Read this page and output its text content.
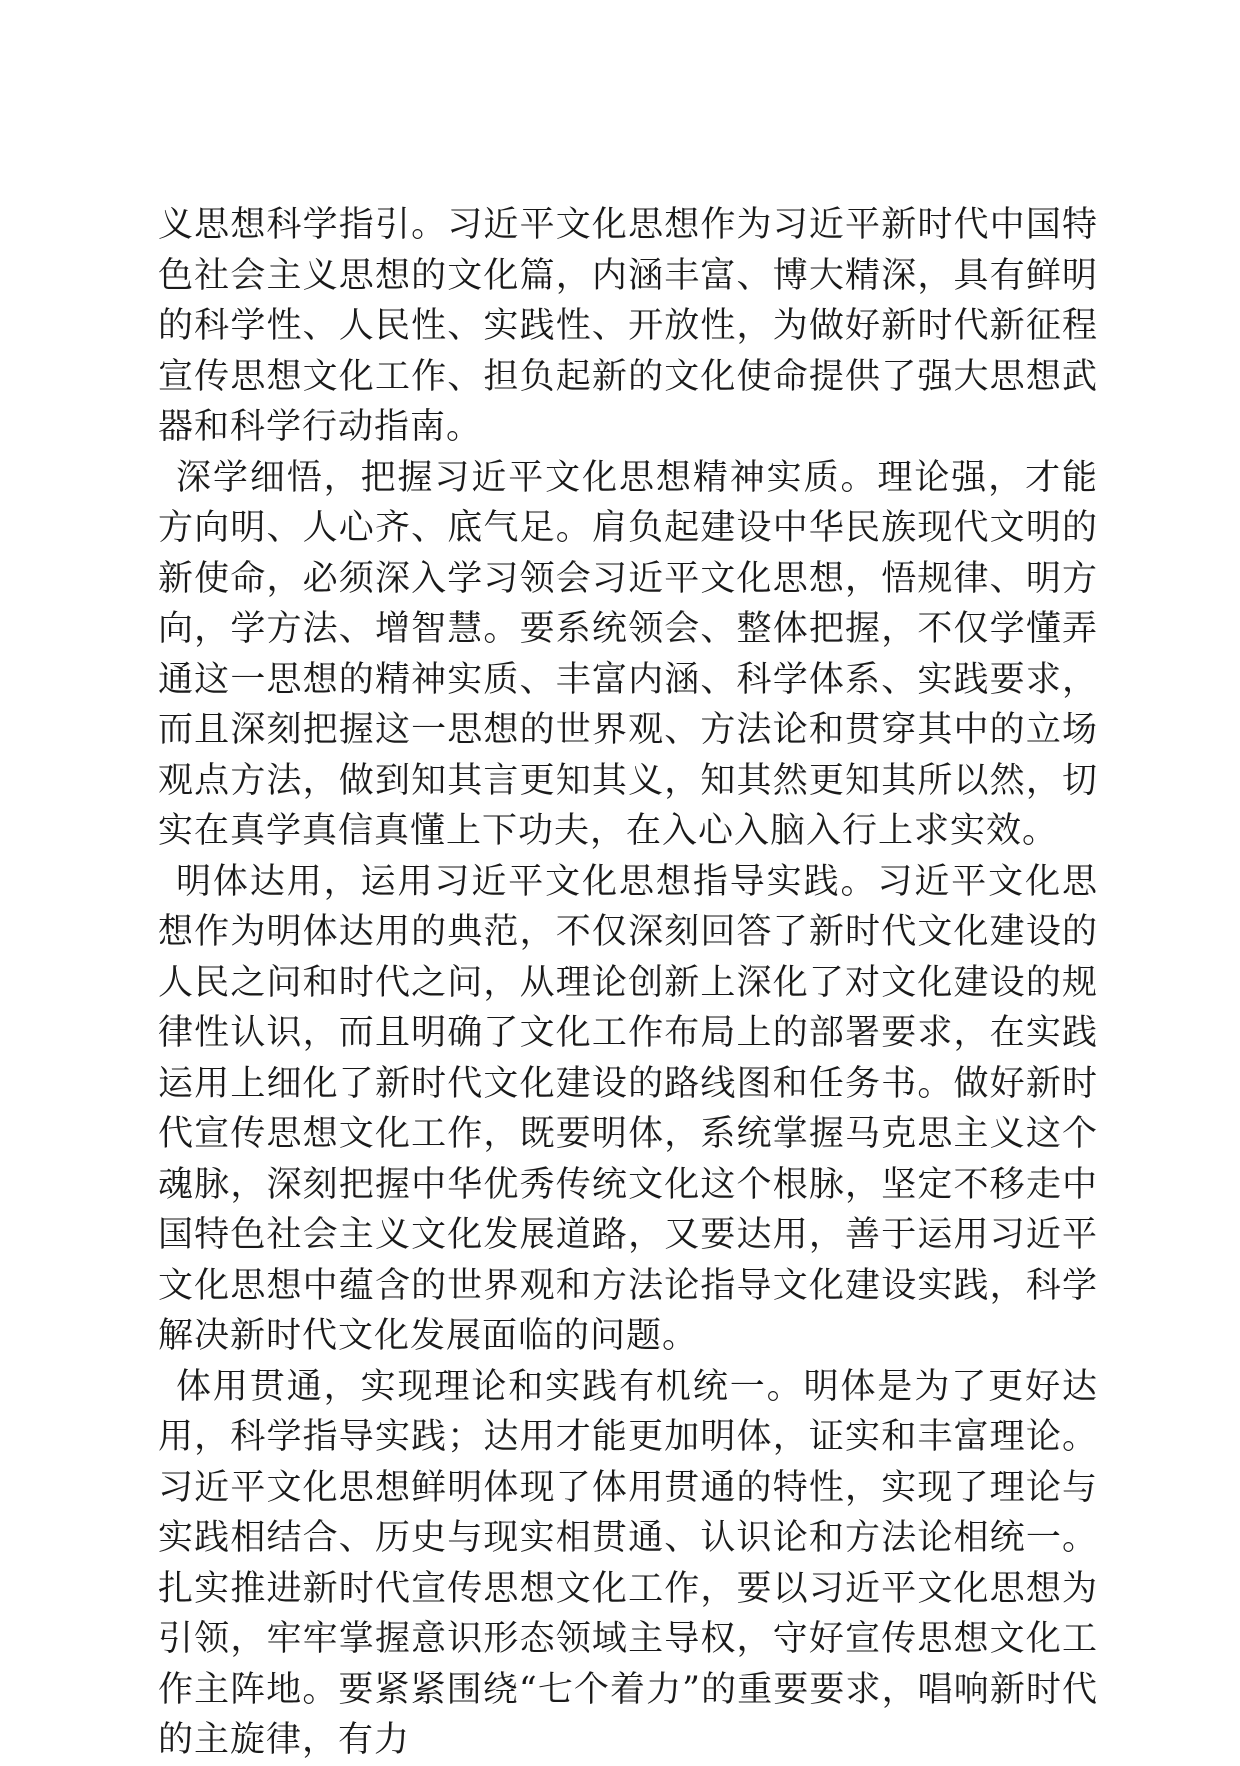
义思想科学指引。习近平文化思想作为习近平新时代中国特色社会主义思想的文化篇，内涵丰富、博大精深，具有鲜明的科学性、人民性、实践性、开放性，为做好新时代新征程宣传思想文化工作、担负起新的文化使命提供了强大思想武器和科学行动指南。

深学细悟，把握习近平文化思想精神实质。理论强，才能方向明、人心齐、底气足。肩负起建设中华民族现代文明的新使命，必须深入学习领会习近平文化思想，悟规律、明方向，学方法、增智慧。要系统领会、整体把握，不仅学懂弄通这一思想的精神实质、丰富内涵、科学体系、实践要求，而且深刻把握这一思想的世界观、方法论和贯穿其中的立场观点方法，做到知其言更知其义，知其然更知其所以然，切实在真学真信真懂上下功夫，在入心入脑入行上求实效。

明体达用，运用习近平文化思想指导实践。习近平文化思想作为明体达用的典范，不仅深刻回答了新时代文化建设的人民之问和时代之问，从理论创新上深化了对文化建设的规律性认识，而且明确了文化工作布局上的部署要求，在实践运用上细化了新时代文化建设的路线图和任务书。做好新时代宣传思想文化工作，既要明体，系统掌握马克思主义这个魂脉，深刻把握中华优秀传统文化这个根脉，坚定不移走中国特色社会主义文化发展道路，又要达用，善于运用习近平文化思想中蕴含的世界观和方法论指导文化建设实践，科学解决新时代文化发展面临的问题。

体用贯通，实现理论和实践有机统一。明体是为了更好达用，科学指导实践；达用才能更加明体，证实和丰富理论。习近平文化思想鲜明体现了体用贯通的特性，实现了理论与实践相结合、历史与现实相贯通、认识论和方法论相统一。扎实推进新时代宣传思想文化工作，要以习近平文化思想为引领，牢牢掌握意识形态领域主导权，守好宣传思想文化工作主阵地。要紧紧围绕“七个着力”的重要要求，唱响新时代的主旋律，有力
